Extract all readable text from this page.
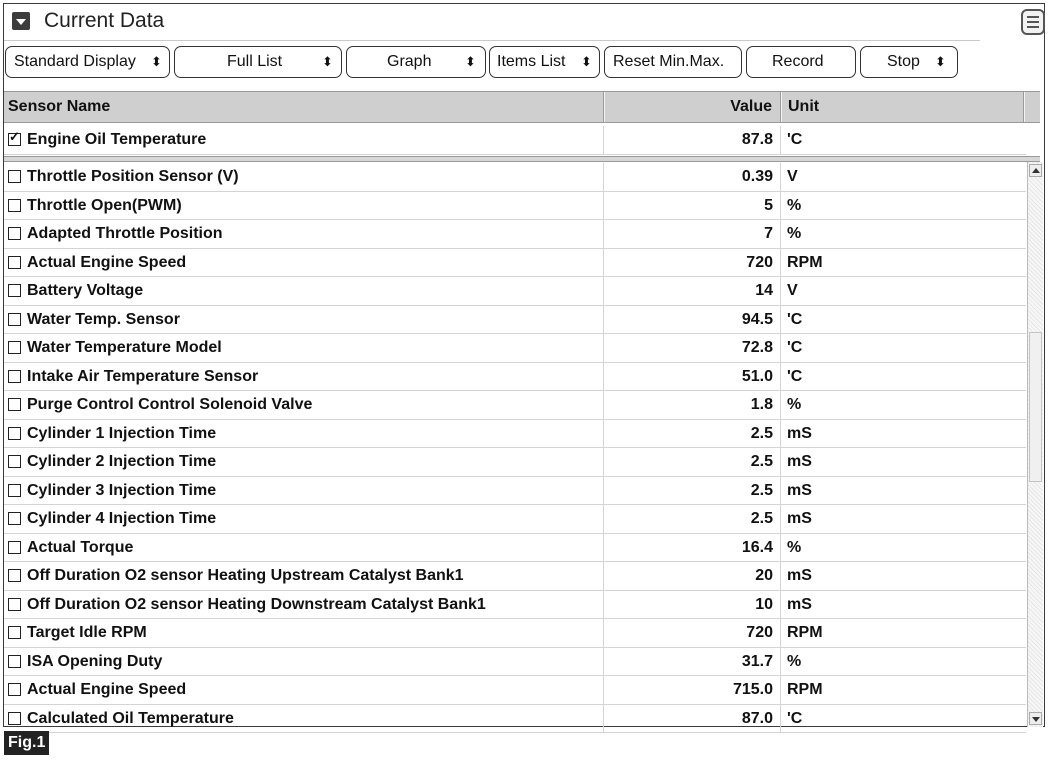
Current Data
Standard Display ⬍	Full List	⬍	Graph	⬍ Items List ⬍ Reset Min.Max.	Record	Stop ⬍
Sensor Name	Value Unit
✓
Engine Oil Temperature	87.8 'C
Throttle Position Sensor (V)	0.39 V
Throttle Open(PWM)	5 %
Adapted Throttle Position	7 %
Actual Engine Speed	720 RPM
Battery Voltage	14 V
Water Temp. Sensor	94.5 'C
Water Temperature Model	72.8 'C
Intake Air Temperature Sensor	51.0 'C
Purge Control Control Solenoid Valve	1.8 %
Cylinder 1 Injection Time	2.5 mS
Cylinder 2 Injection Time	2.5 mS
Cylinder 3 Injection Time	2.5 mS
Cylinder 4 Injection Time	2.5 mS
Actual Torque	16.4 %
Off Duration O2 sensor Heating Upstream Catalyst Bank1	20 mS
Off Duration O2 sensor Heating Downstream Catalyst Bank1	10 mS
Target Idle RPM	720 RPM
ISA Opening Duty	31.7 %
Actual Engine Speed	715.0 RPM
Calculated Oil Temperature	87.0 'C
Fig.1
